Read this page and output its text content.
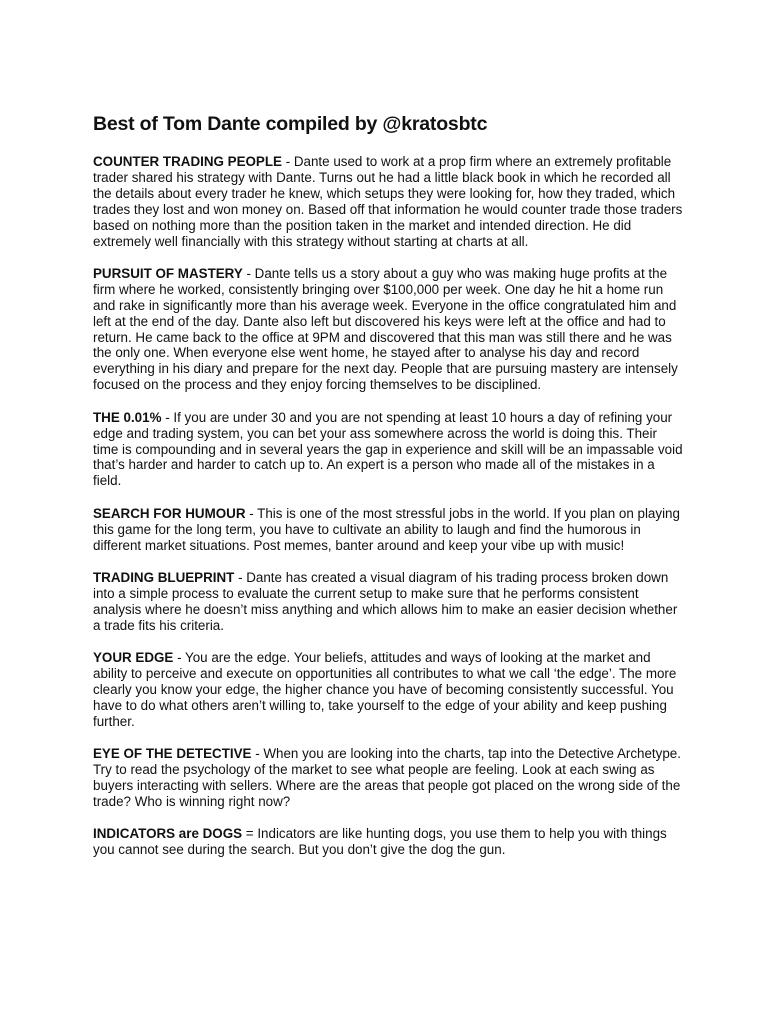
Best of Tom Dante compiled by @kratosbtc

COUNTER TRADING PEOPLE - Dante used to work at a prop firm where an extremely profitable trader shared his strategy with Dante. Turns out he had a little black book in which he recorded all the details about every trader he knew, which setups they were looking for, how they traded, which trades they lost and won money on. Based off that information he would counter trade those traders based on nothing more than the position taken in the market and intended direction. He did extremely well financially with this strategy without starting at charts at all.

PURSUIT OF MASTERY - Dante tells us a story about a guy who was making huge profits at the firm where he worked, consistently bringing over $100,000 per week. One day he hit a home run and rake in significantly more than his average week. Everyone in the office congratulated him and left at the end of the day. Dante also left but discovered his keys were left at the office and had to return. He came back to the office at 9PM and discovered that this man was still there and he was the only one. When everyone else went home, he stayed after to analyse his day and record everything in his diary and prepare for the next day. People that are pursuing mastery are intensely focused on the process and they enjoy forcing themselves to be disciplined.

THE 0.01% - If you are under 30 and you are not spending at least 10 hours a day of refining your edge and trading system, you can bet your ass somewhere across the world is doing this. Their time is compounding and in several years the gap in experience and skill will be an impassable void that’s harder and harder to catch up to. An expert is a person who made all of the mistakes in a field.

SEARCH FOR HUMOUR - This is one of the most stressful jobs in the world. If you plan on playing this game for the long term, you have to cultivate an ability to laugh and find the humorous in different market situations. Post memes, banter around and keep your vibe up with music!

TRADING BLUEPRINT - Dante has created a visual diagram of his trading process broken down into a simple process to evaluate the current setup to make sure that he performs consistent analysis where he doesn’t miss anything and which allows him to make an easier decision whether a trade fits his criteria.

YOUR EDGE - You are the edge. Your beliefs, attitudes and ways of looking at the market and ability to perceive and execute on opportunities all contributes to what we call ‘the edge’. The more clearly you know your edge, the higher chance you have of becoming consistently successful. You have to do what others aren’t willing to, take yourself to the edge of your ability and keep pushing further.

EYE OF THE DETECTIVE - When you are looking into the charts, tap into the Detective Archetype. Try to read the psychology of the market to see what people are feeling. Look at each swing as buyers interacting with sellers. Where are the areas that people got placed on the wrong side of the trade? Who is winning right now?

INDICATORS are DOGS = Indicators are like hunting dogs, you use them to help you with things you cannot see during the search. But you don’t give the dog the gun.
